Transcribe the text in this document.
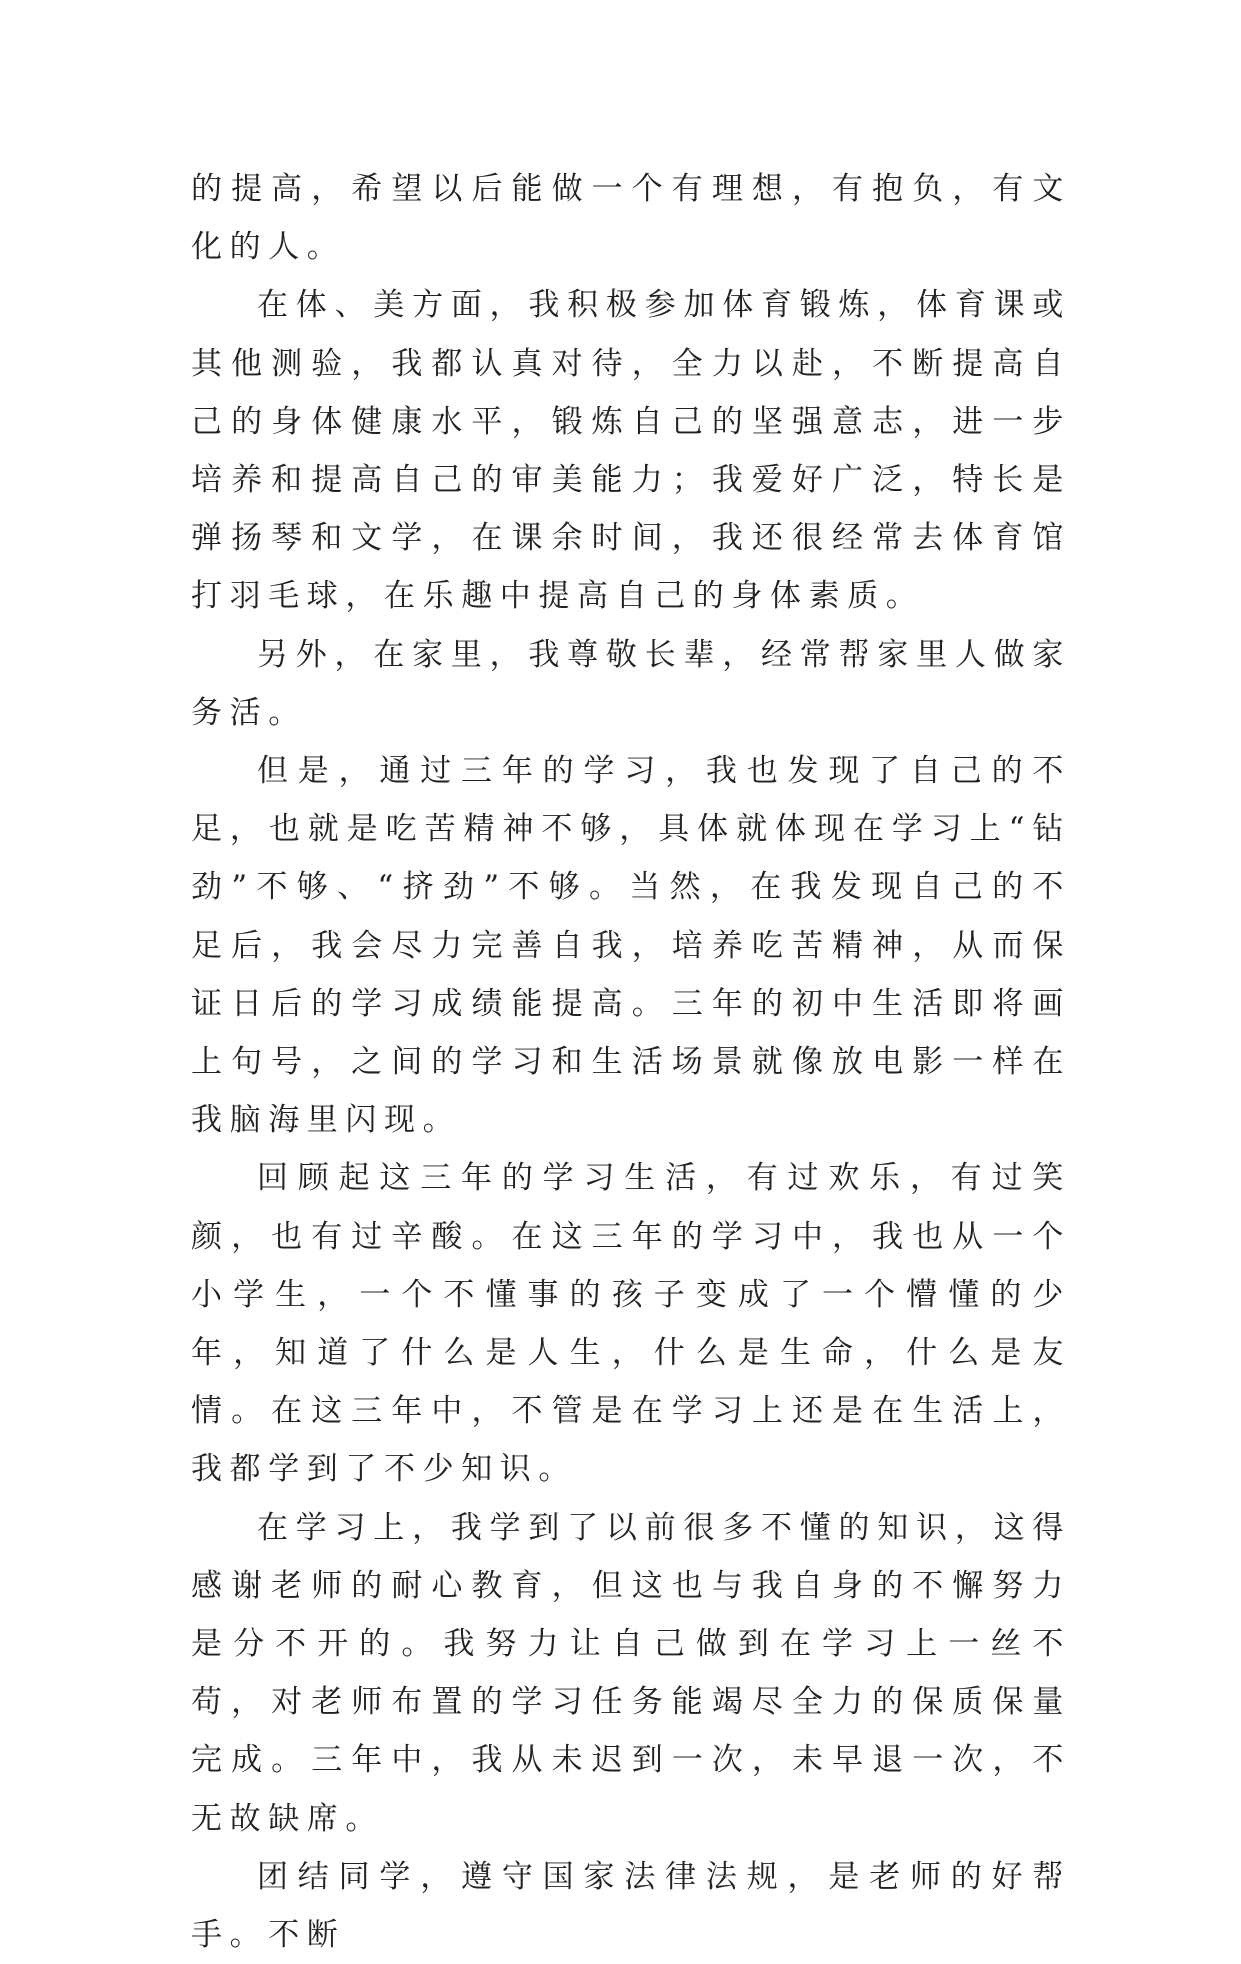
的提高，希望以后能做一个有理想，有抱负，有文化的人。

在体、美方面，我积极参加体育锻炼，体育课或其他测验，我都认真对待，全力以赴，不断提高自己的身体健康水平，锻炼自己的坚强意志，进一步培养和提高自己的审美能力；我爱好广泛，特长是弹扬琴和文学，在课余时间，我还很经常去体育馆打羽毛球，在乐趣中提高自己的身体素质。

另外，在家里，我尊敬长辈，经常帮家里人做家务活。

但是，通过三年的学习，我也发现了自己的不足，也就是吃苦精神不够，具体就体现在学习上“钻劲”不够、“挤劲”不够。当然，在我发现自己的不足后，我会尽力完善自我，培养吃苦精神，从而保证日后的学习成绩能提高。三年的初中生活即将画上句号，之间的学习和生活场景就像放电影一样在我脑海里闪现。

回顾起这三年的学习生活，有过欢乐，有过笑颜，也有过辛酸。在这三年的学习中，我也从一个小学生，一个不懂事的孩子变成了一个懵懂的少年，知道了什么是人生，什么是生命，什么是友情。在这三年中，不管是在学习上还是在生活上，我都学到了不少知识。

在学习上，我学到了以前很多不懂的知识，这得感谢老师的耐心教育，但这也与我自身的不懈努力是分不开的。我努力让自己做到在学习上一丝不苟，对老师布置的学习任务能竭尽全力的保质保量完成。三年中，我从未迟到一次，未早退一次，不无故缺席。

团结同学，遵守国家法律法规，是老师的好帮手。不断
